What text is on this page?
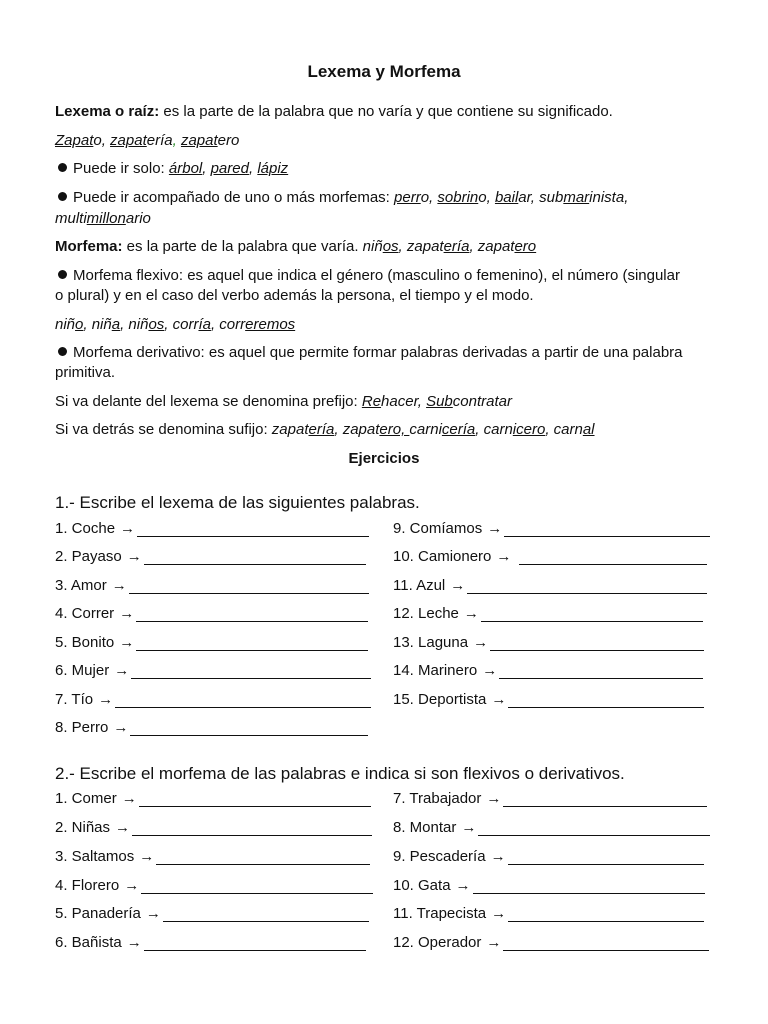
Lexema y Morfema
Lexema o raíz: es la parte de la palabra que no varía y que contiene su significado.
Zapato, zapatería, zapatero
Puede ir solo: árbol, pared, lápiz
Puede ir acompañado de uno o más morfemas: perro, sobrino, bailar, submarinista,
multimillonario
Morfema: es la parte de la palabra que varía. niños, zapatería, zapatero
Morfema flexivo: es aquel que indica el género (masculino o femenino), el número (singular
o plural) y en el caso del verbo además la persona, el tiempo y el modo.
niño, niña, niños, corría, correremos
Morfema derivativo: es aquel que permite formar palabras derivadas a partir de una palabra
primitiva.
Si va delante del lexema se denomina prefijo: Rehacer, Subcontratar
Si va detrás se denomina sufijo: zapatería, zapatero, carnicería, carnicero, carnal
Ejercicios
1.- Escribe el lexema de las siguientes palabras.
1. Coche →
2. Payaso →
3. Amor →
4. Correr →
5. Bonito →
6. Mujer →
7. Tío →
8. Perro →
9. Comíamos →
10. Camionero →
11. Azul →
12. Leche →
13. Laguna →
14. Marinero →
15. Deportista →
2.- Escribe el morfema de las palabras e indica si son flexivos o derivativos.
1. Comer →
2. Niñas →
3. Saltamos →
4. Florero →
5. Panadería →
6. Bañista →
7. Trabajador →
8. Montar →
9. Pescadería →
10. Gata →
11. Trapecista →
12. Operador →
